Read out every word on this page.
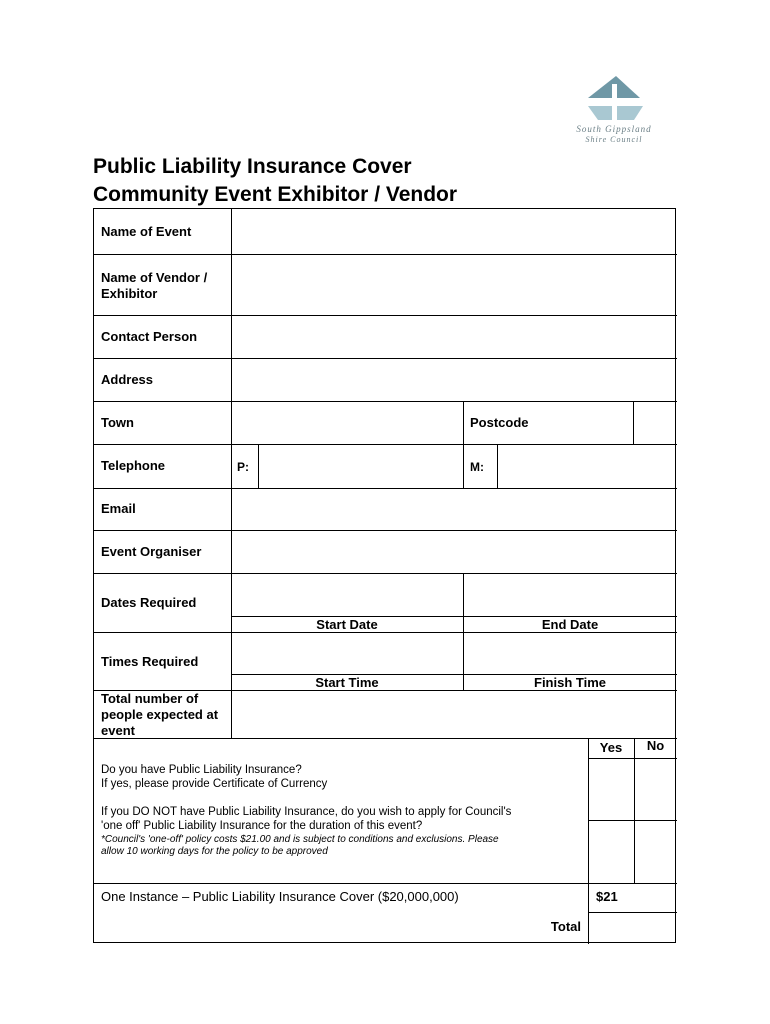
South Gippsland
Shire Council
Public Liability Insurance Cover
Community Event Exhibitor / Vendor
Name of Event
Name of Vendor / Exhibitor
Contact Person
Address
Town	Postcode
Telephone	P:	M:
Email
Event Organiser
Dates Required
Start Date	End Date
Times Required
Start Time	Finish Time
Total number of people expected at event
Yes	No
Do you have Public Liability Insurance?
If yes, please provide Certificate of Currency
If you DO NOT have Public Liability Insurance, do you wish to apply for Council's
'one off' Public Liability Insurance for the duration of this event?
*Council's 'one-off' policy costs $21.00 and is subject to conditions and exclusions. Please
allow 10 working days for the policy to be approved
One Instance – Public Liability Insurance Cover ($20,000,000)	$21
Total
